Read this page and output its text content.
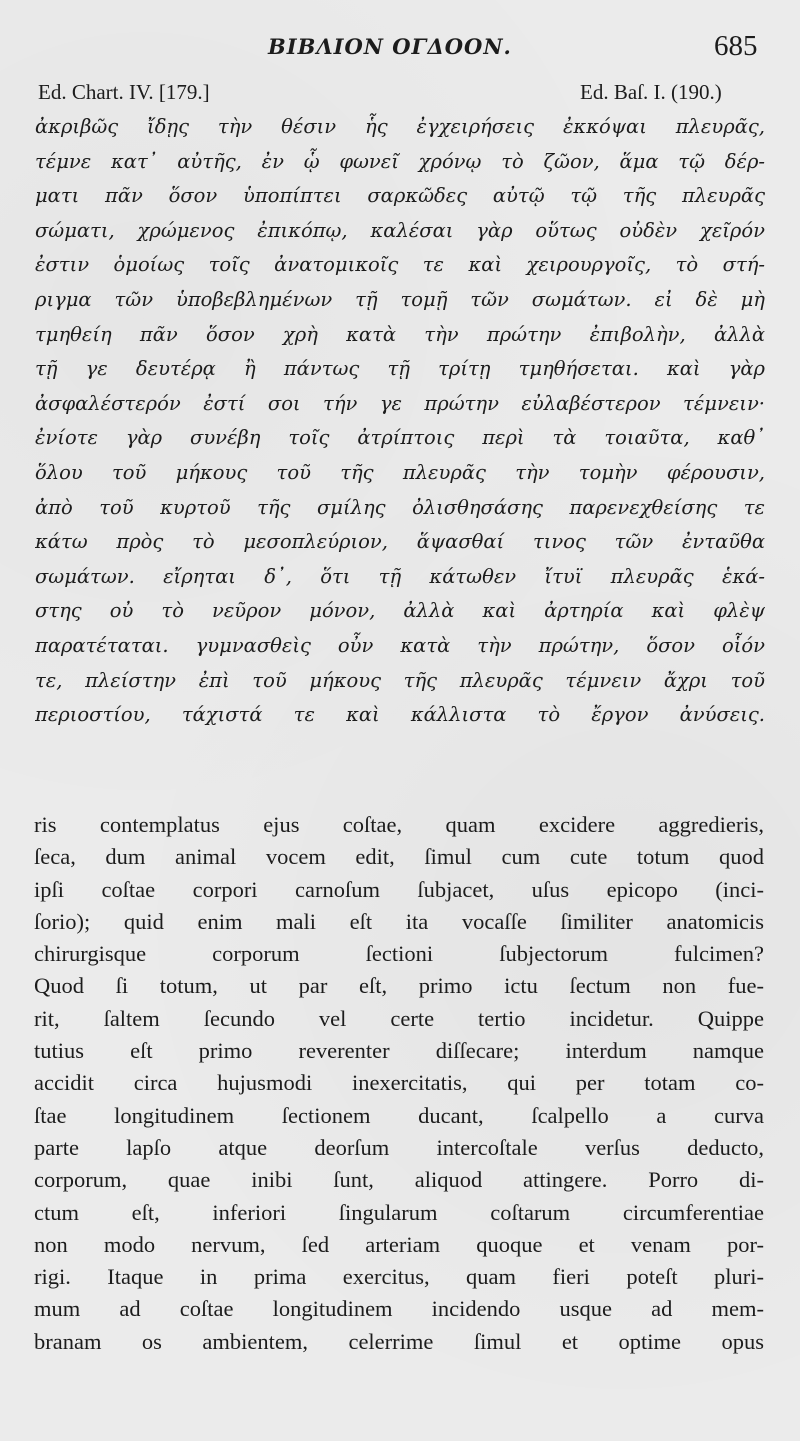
ΒΙΒΛΙΟΝ ΟΓΔΟΟΝ.	685
Ed. Chart. IV. [179.]	Ed. Baſ. I. (190.)
ἀκριβῶς ἴδῃς τὴν θέσιν ἧς ἐγχειρήσεις ἐκκόψαι πλευρᾶς,
τέμνε κατ᾽ αὐτῆς, ἐν ᾧ φωνεῖ χρόνῳ τὸ ζῶον, ἅμα τῷ δέρ-
ματι πᾶν ὅσον ὑποπίπτει σαρκῶδες αὐτῷ τῷ τῆς πλευρᾶς
σώματι, χρώμενος ἐπικόπῳ, καλέσαι γὰρ οὕτως οὐδὲν χεῖρόν
ἐστιν ὁμοίως τοῖς ἀνατομικοῖς τε καὶ χειρουργοῖς, τὸ στή-
ριγμα τῶν ὑποβεβλημένων τῇ τομῇ τῶν σωμάτων. εἰ δὲ μὴ
τμηθείη πᾶν ὅσον χρὴ κατὰ τὴν πρώτην ἐπιβολὴν, ἀλλὰ
τῇ γε δευτέρᾳ ἢ πάντως τῇ τρίτῃ τμηθήσεται. καὶ γὰρ
ἀσφαλέστερόν ἐστί σοι τήν γε πρώτην εὐλαβέστερον τέμνειν·
ἐνίοτε γὰρ συνέβη τοῖς ἀτρίπτοις περὶ τὰ τοιαῦτα, καθ᾽
ὅλου τοῦ μήκους τοῦ τῆς πλευρᾶς τὴν τομὴν φέρουσιν,
ἀπὸ τοῦ κυρτοῦ τῆς σμίλης ὀλισθησάσης παρενεχθείσης τε
κάτω πρὸς τὸ μεσοπλεύριον, ἅψασθαί τινος τῶν ἐνταῦθα
σωμάτων. εἴρηται δ᾽, ὅτι τῇ κάτωθεν ἴτυϊ πλευρᾶς ἑκά-
στης οὐ τὸ νεῦρον μόνον, ἀλλὰ καὶ ἀρτηρία καὶ φλὲψ
παρατέταται. γυμνασθεὶς οὖν κατὰ τὴν πρώτην, ὅσον οἷόν
τε, πλείστην ἐπὶ τοῦ μήκους τῆς πλευρᾶς τέμνειν ἄχρι τοῦ
περιοστίου, τάχιστά τε καὶ κάλλιστα τὸ ἔργον ἀνύσεις.
ris contemplatus ejus coſtae, quam excidere aggredieris,
ſeca, dum animal vocem edit, ſimul cum cute totum quod
ipſi coſtae corpori carnoſum ſubjacet, uſus epicopo (inci-
ſorio); quid enim mali eſt ita vocaſſe ſimiliter anatomicis
chirurgisque corporum ſectioni ſubjectorum fulcimen?
Quod ſi totum, ut par eſt, primo ictu ſectum non fue-
rit, ſaltem ſecundo vel certe tertio incidetur. Quippe
tutius eſt primo reverenter diſſecare; interdum namque
accidit circa hujusmodi inexercitatis, qui per totam co-
ſtae longitudinem ſectionem ducant, ſcalpello a curva
parte lapſo atque deorſum intercoſtale verſus deducto,
corporum, quae inibi ſunt, aliquod attingere. Porro di-
ctum eſt, inferiori ſingularum coſtarum circumferentiae
non modo nervum, ſed arteriam quoque et venam por-
rigi. Itaque in prima exercitus, quam fieri poteſt pluri-
mum ad coſtae longitudinem incidendo usque ad mem-
branam os ambientem, celerrime ſimul et optime opus
